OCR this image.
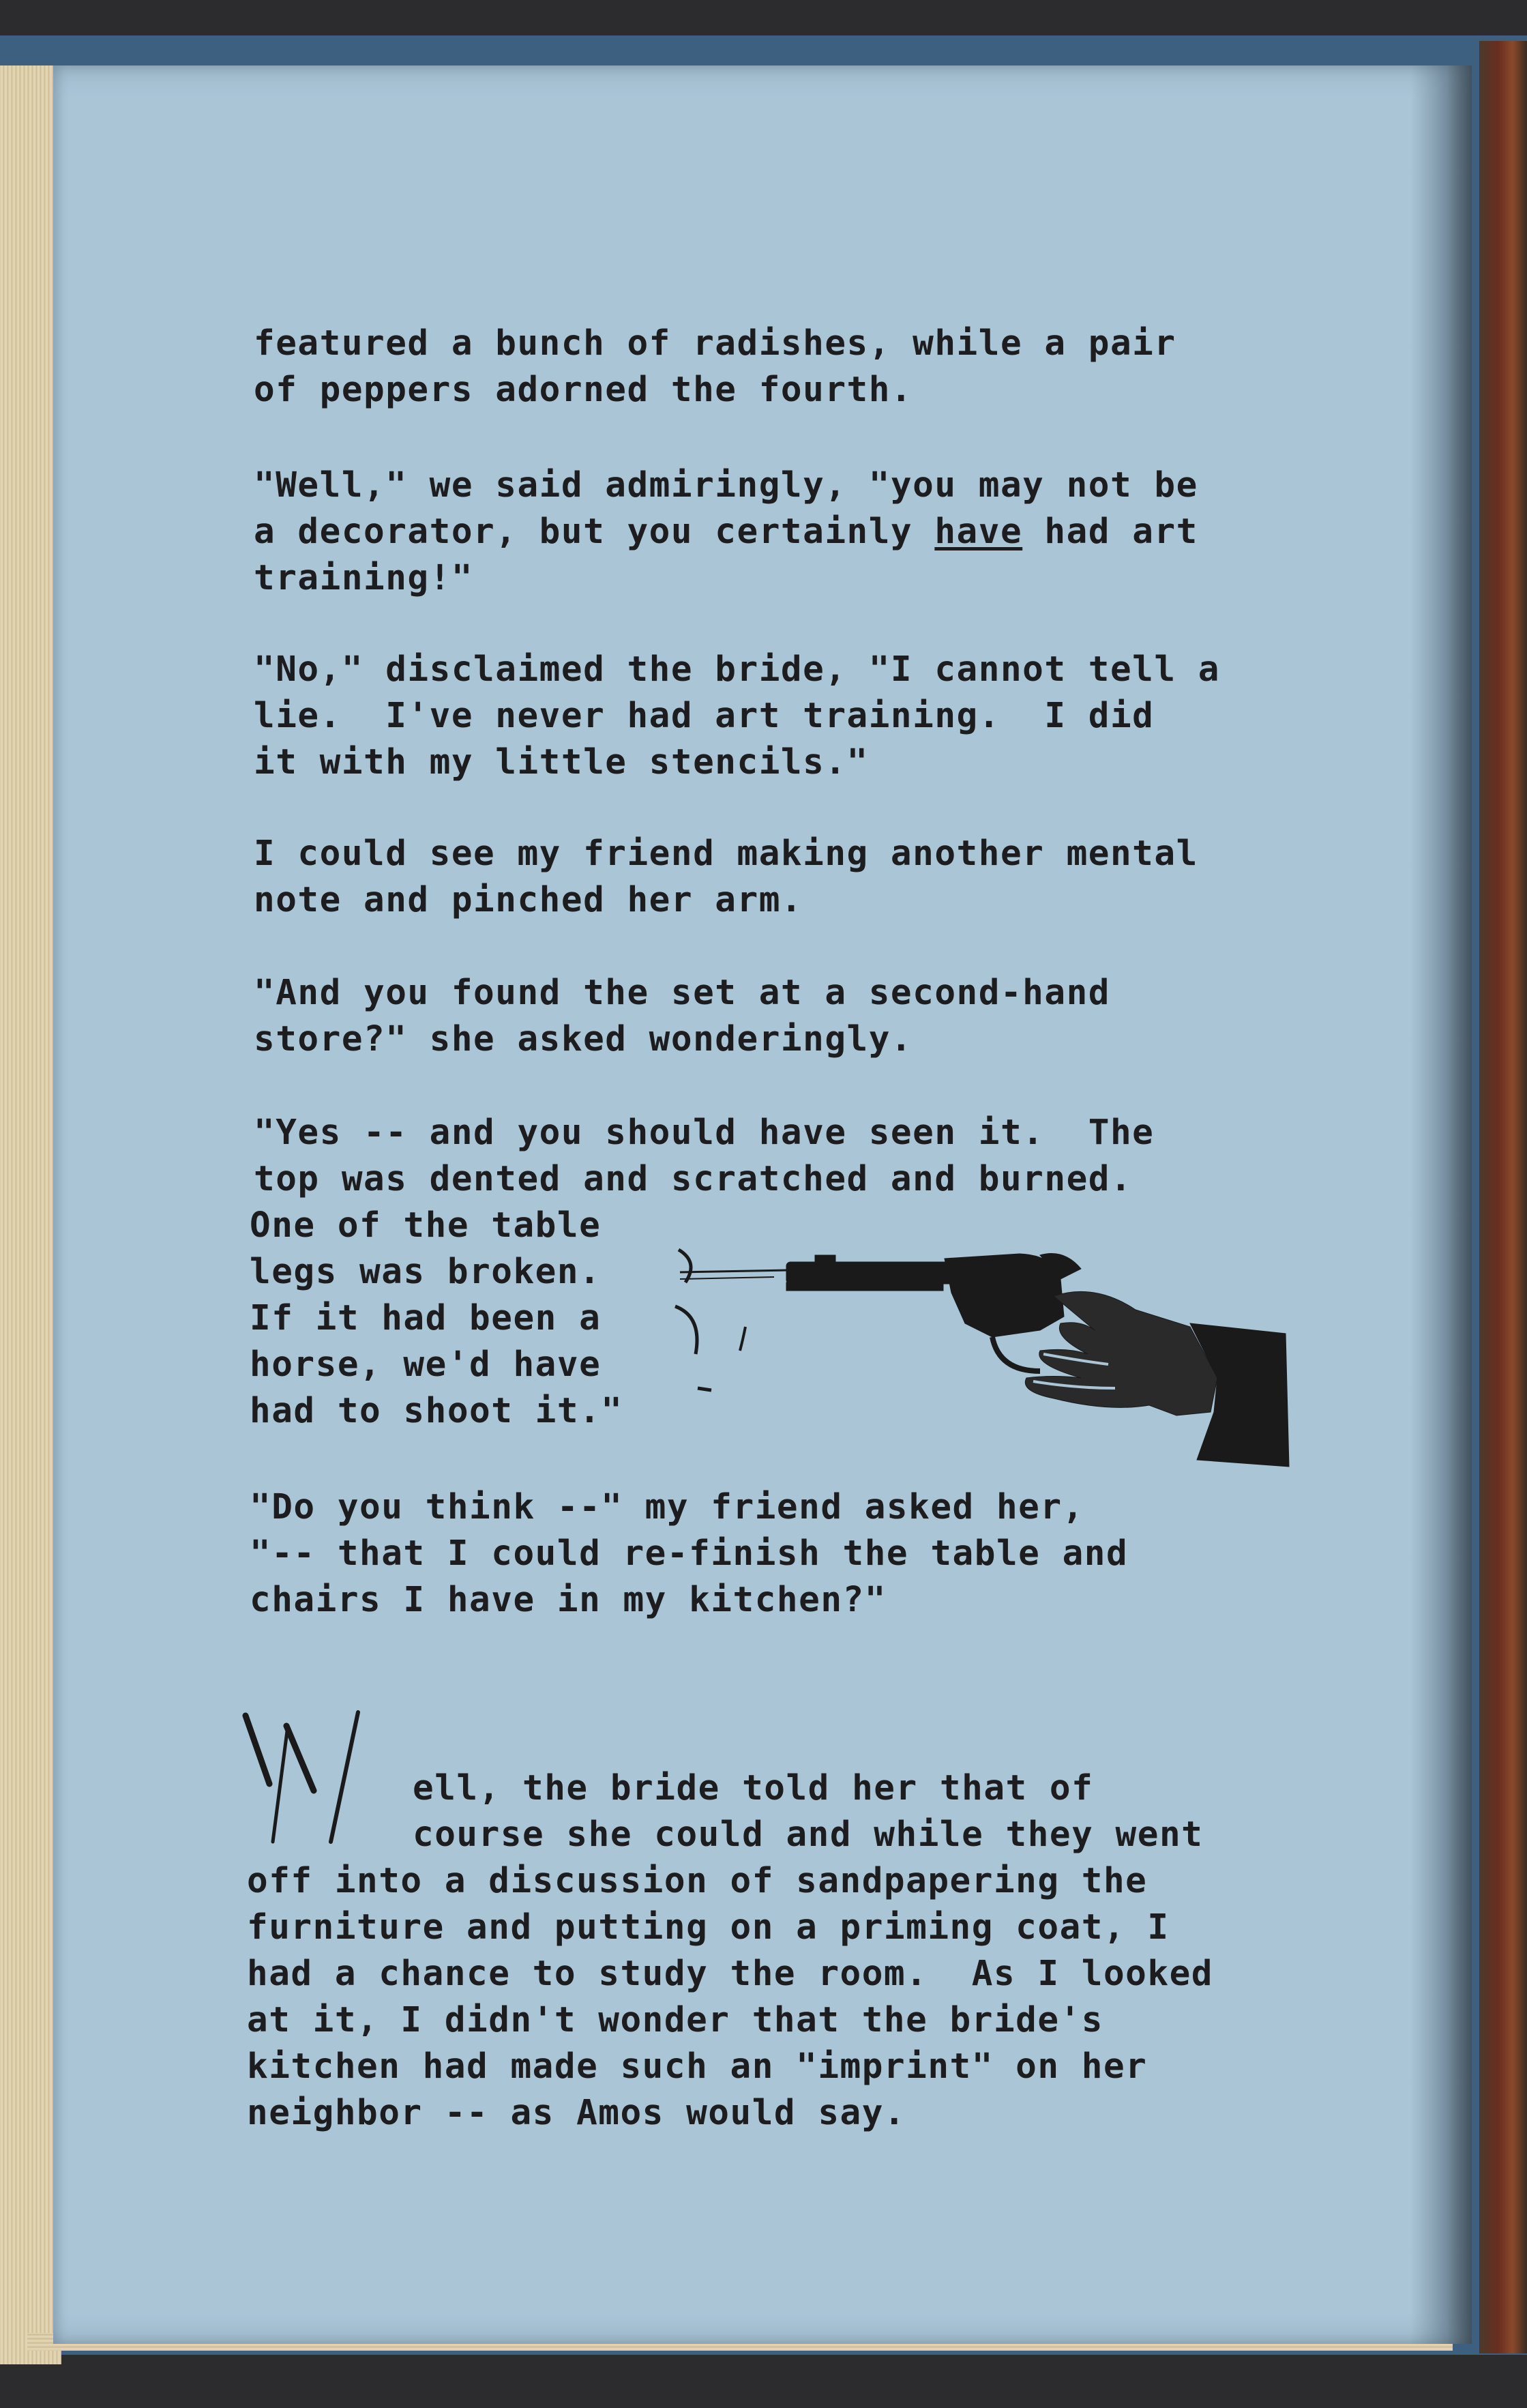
featured a bunch of radishes, while a pair
of peppers adorned the fourth.
"Well," we said admiringly, "you may not be
a decorator, but you certainly have had art
training!"
"No," disclaimed the bride, "I cannot tell a
lie.  I've never had art training.  I did
it with my little stencils."
I could see my friend making another mental
note and pinched her arm.
"And you found the set at a second-hand
store?" she asked wonderingly.
"Yes -- and you should have seen it.  The
top was dented and scratched and burned.
One of the table
legs was broken.
If it had been a
horse, we'd have
had to shoot it."
"Do you think --" my friend asked her,
"-- that I could re-finish the table and
chairs I have in my kitchen?"
ell, the bride told her that of
course she could and while they went
off into a discussion of sandpapering the
furniture and putting on a priming coat, I
had a chance to study the room.  As I looked
at it, I didn't wonder that the bride's
kitchen had made such an "imprint" on her
neighbor -- as Amos would say.
